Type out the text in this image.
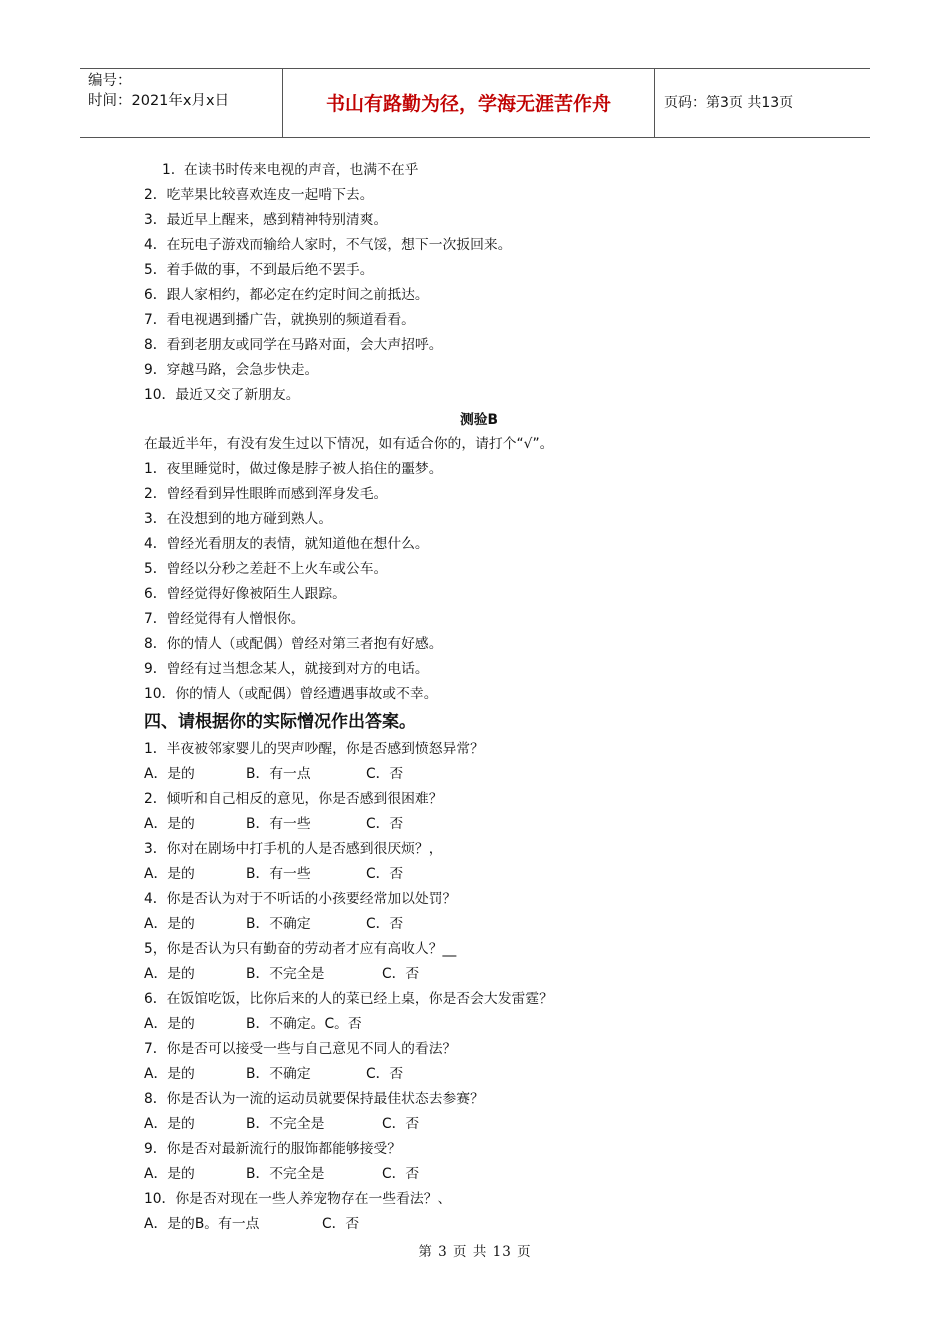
编号：
时间：2021年x月x日	书山有路勤为径，学海无涯苦作舟	页码：第3页 共13页
1.  在读书时传来电视的声音，也满不在乎
2．吃苹果比较喜欢连皮一起啃下去。
3．最近早上醒来，感到精神特别清爽。
4．在玩电子游戏而输给人家时，不气馁，想下一次扳回来。
5．着手做的事，不到最后绝不罢手。
6．跟人家相约，都必定在约定时间之前抵达。
7．看电视遇到播广告，就换别的频道看看。
8．看到老朋友或同学在马路对面，会大声招呼。
9．穿越马路，会急步快走。
10．最近又交了新朋友。
测验B
在最近半年，有没有发生过以下情况，如有适合你的，请打个“√”。
1．夜里睡觉时，做过像是脖子被人掐住的噩梦。
2．曾经看到异性眼眸而感到浑身发毛。
3．在没想到的地方碰到熟人。
4．曾经光看朋友的表情，就知道他在想什么。
5．曾经以分秒之差赶不上火车或公车。
6．曾经觉得好像被陌生人跟踪。
7．曾经觉得有人憎恨你。
8．你的情人（或配偶）曾经对第三者抱有好感。
9．曾经有过当想念某人，就接到对方的电话。
10．你的情人（或配偶）曾经遭遇事故或不幸。
四、请根据你的实际憎况作出答案。
1．半夜被邻家婴儿的哭声吵醒，你是否感到愤怒异常？
A．是的	B．有一点	C．否
2．倾听和自己相反的意见，你是否感到很困难？
A．是的	B．有一些	C．否
3．你对在剧场中打手机的人是否感到很厌烦？，
A．是的	B．有一些	C．否
4．你是否认为对于不听话的小孩要经常加以处罚？
A．是的	B．不确定	C．否
5，你是否认为只有勤奋的劳动者才应有高收人？__
A．是的	B．不完全是	C．否
6．在饭馆吃饭，比你后来的人的菜已经上桌，你是否会大发雷霆？
A．是的	B．不确定。C。否
7．你是否可以接受一些与自己意见不同人的看法？
A．是的	B．不确定	C．否
8．你是否认为一流的运动员就要保持最佳状态去参赛？
A．是的	B．不完全是	C．否
9．你是否对最新流行的服饰都能够接受？
A．是的	B．不完全是	C．否
10．你是否对现在一些人养宠物存在一些看法？、
A．是的B。有一点	C．否
第 3 页 共 13 页
